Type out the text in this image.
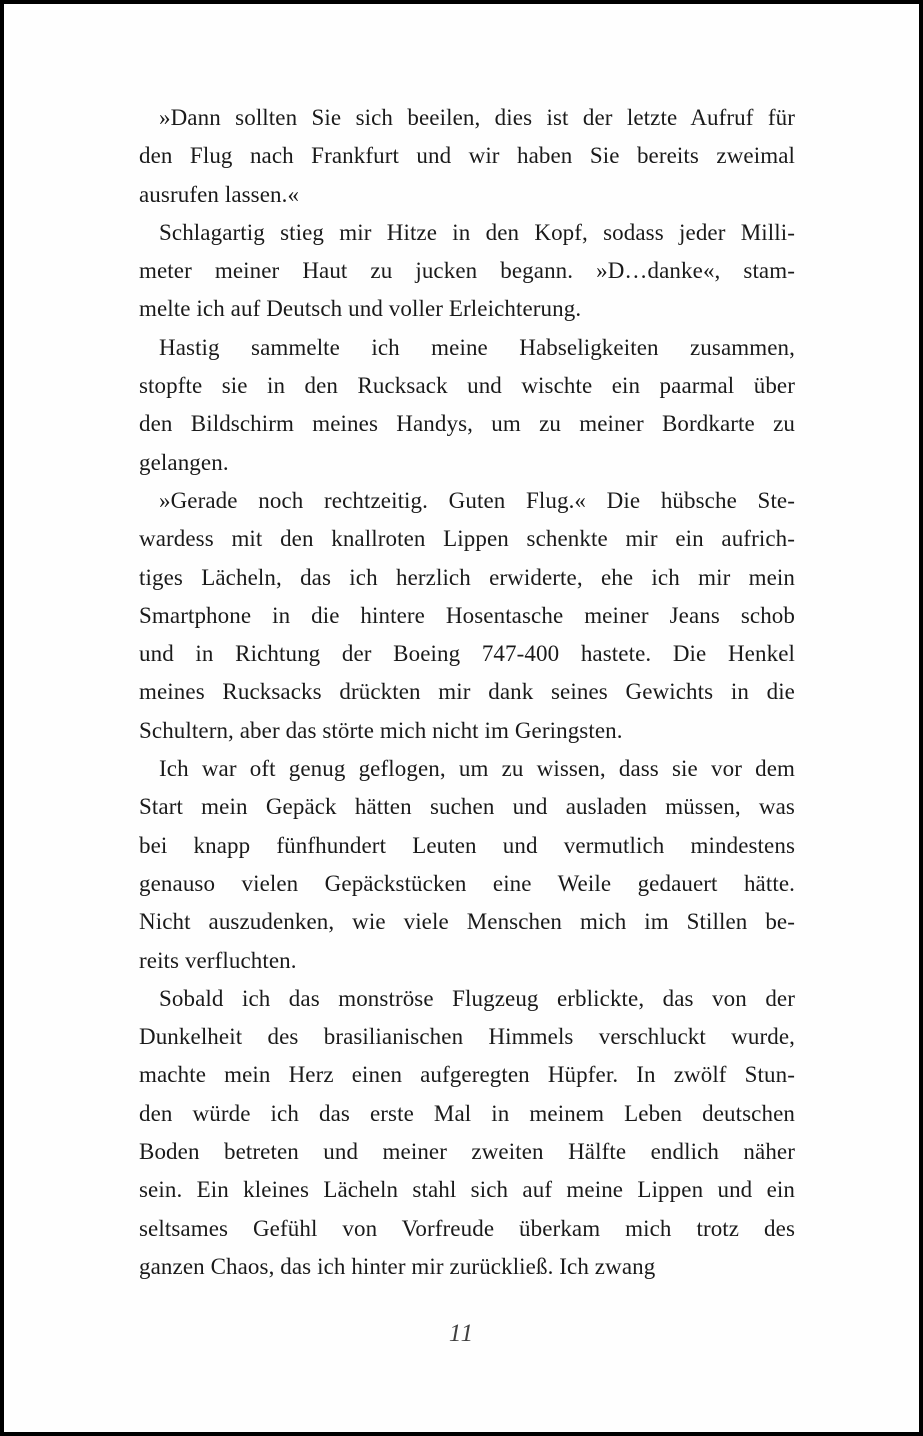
»Dann sollten Sie sich beeilen, dies ist der letzte Aufruf für
den Flug nach Frankfurt und wir haben Sie bereits zweimal
ausrufen lassen.«
Schlagartig stieg mir Hitze in den Kopf, sodass jeder Milli-
meter meiner Haut zu jucken begann. »D…danke«, stam-
melte ich auf Deutsch und voller Erleichterung.
Hastig sammelte ich meine Habseligkeiten zusammen,
stopfte sie in den Rucksack und wischte ein paarmal über
den Bildschirm meines Handys, um zu meiner Bordkarte zu
gelangen.
»Gerade noch rechtzeitig. Guten Flug.« Die hübsche Ste-
wardess mit den knallroten Lippen schenkte mir ein aufrich-
tiges Lächeln, das ich herzlich erwiderte, ehe ich mir mein
Smartphone in die hintere Hosentasche meiner Jeans schob
und in Richtung der Boeing 747-400 hastete. Die Henkel
meines Rucksacks drückten mir dank seines Gewichts in die
Schultern, aber das störte mich nicht im Geringsten.
Ich war oft genug geflogen, um zu wissen, dass sie vor dem
Start mein Gepäck hätten suchen und ausladen müssen, was
bei knapp fünfhundert Leuten und vermutlich mindestens
genauso vielen Gepäckstücken eine Weile gedauert hätte.
Nicht auszudenken, wie viele Menschen mich im Stillen be-
reits verfluchten.
Sobald ich das monströse Flugzeug erblickte, das von der
Dunkelheit des brasilianischen Himmels verschluckt wurde,
machte mein Herz einen aufgeregten Hüpfer. In zwölf Stun-
den würde ich das erste Mal in meinem Leben deutschen
Boden betreten und meiner zweiten Hälfte endlich näher
sein. Ein kleines Lächeln stahl sich auf meine Lippen und ein
seltsames Gefühl von Vorfreude überkam mich trotz des
ganzen Chaos, das ich hinter mir zurückließ. Ich zwang
11
